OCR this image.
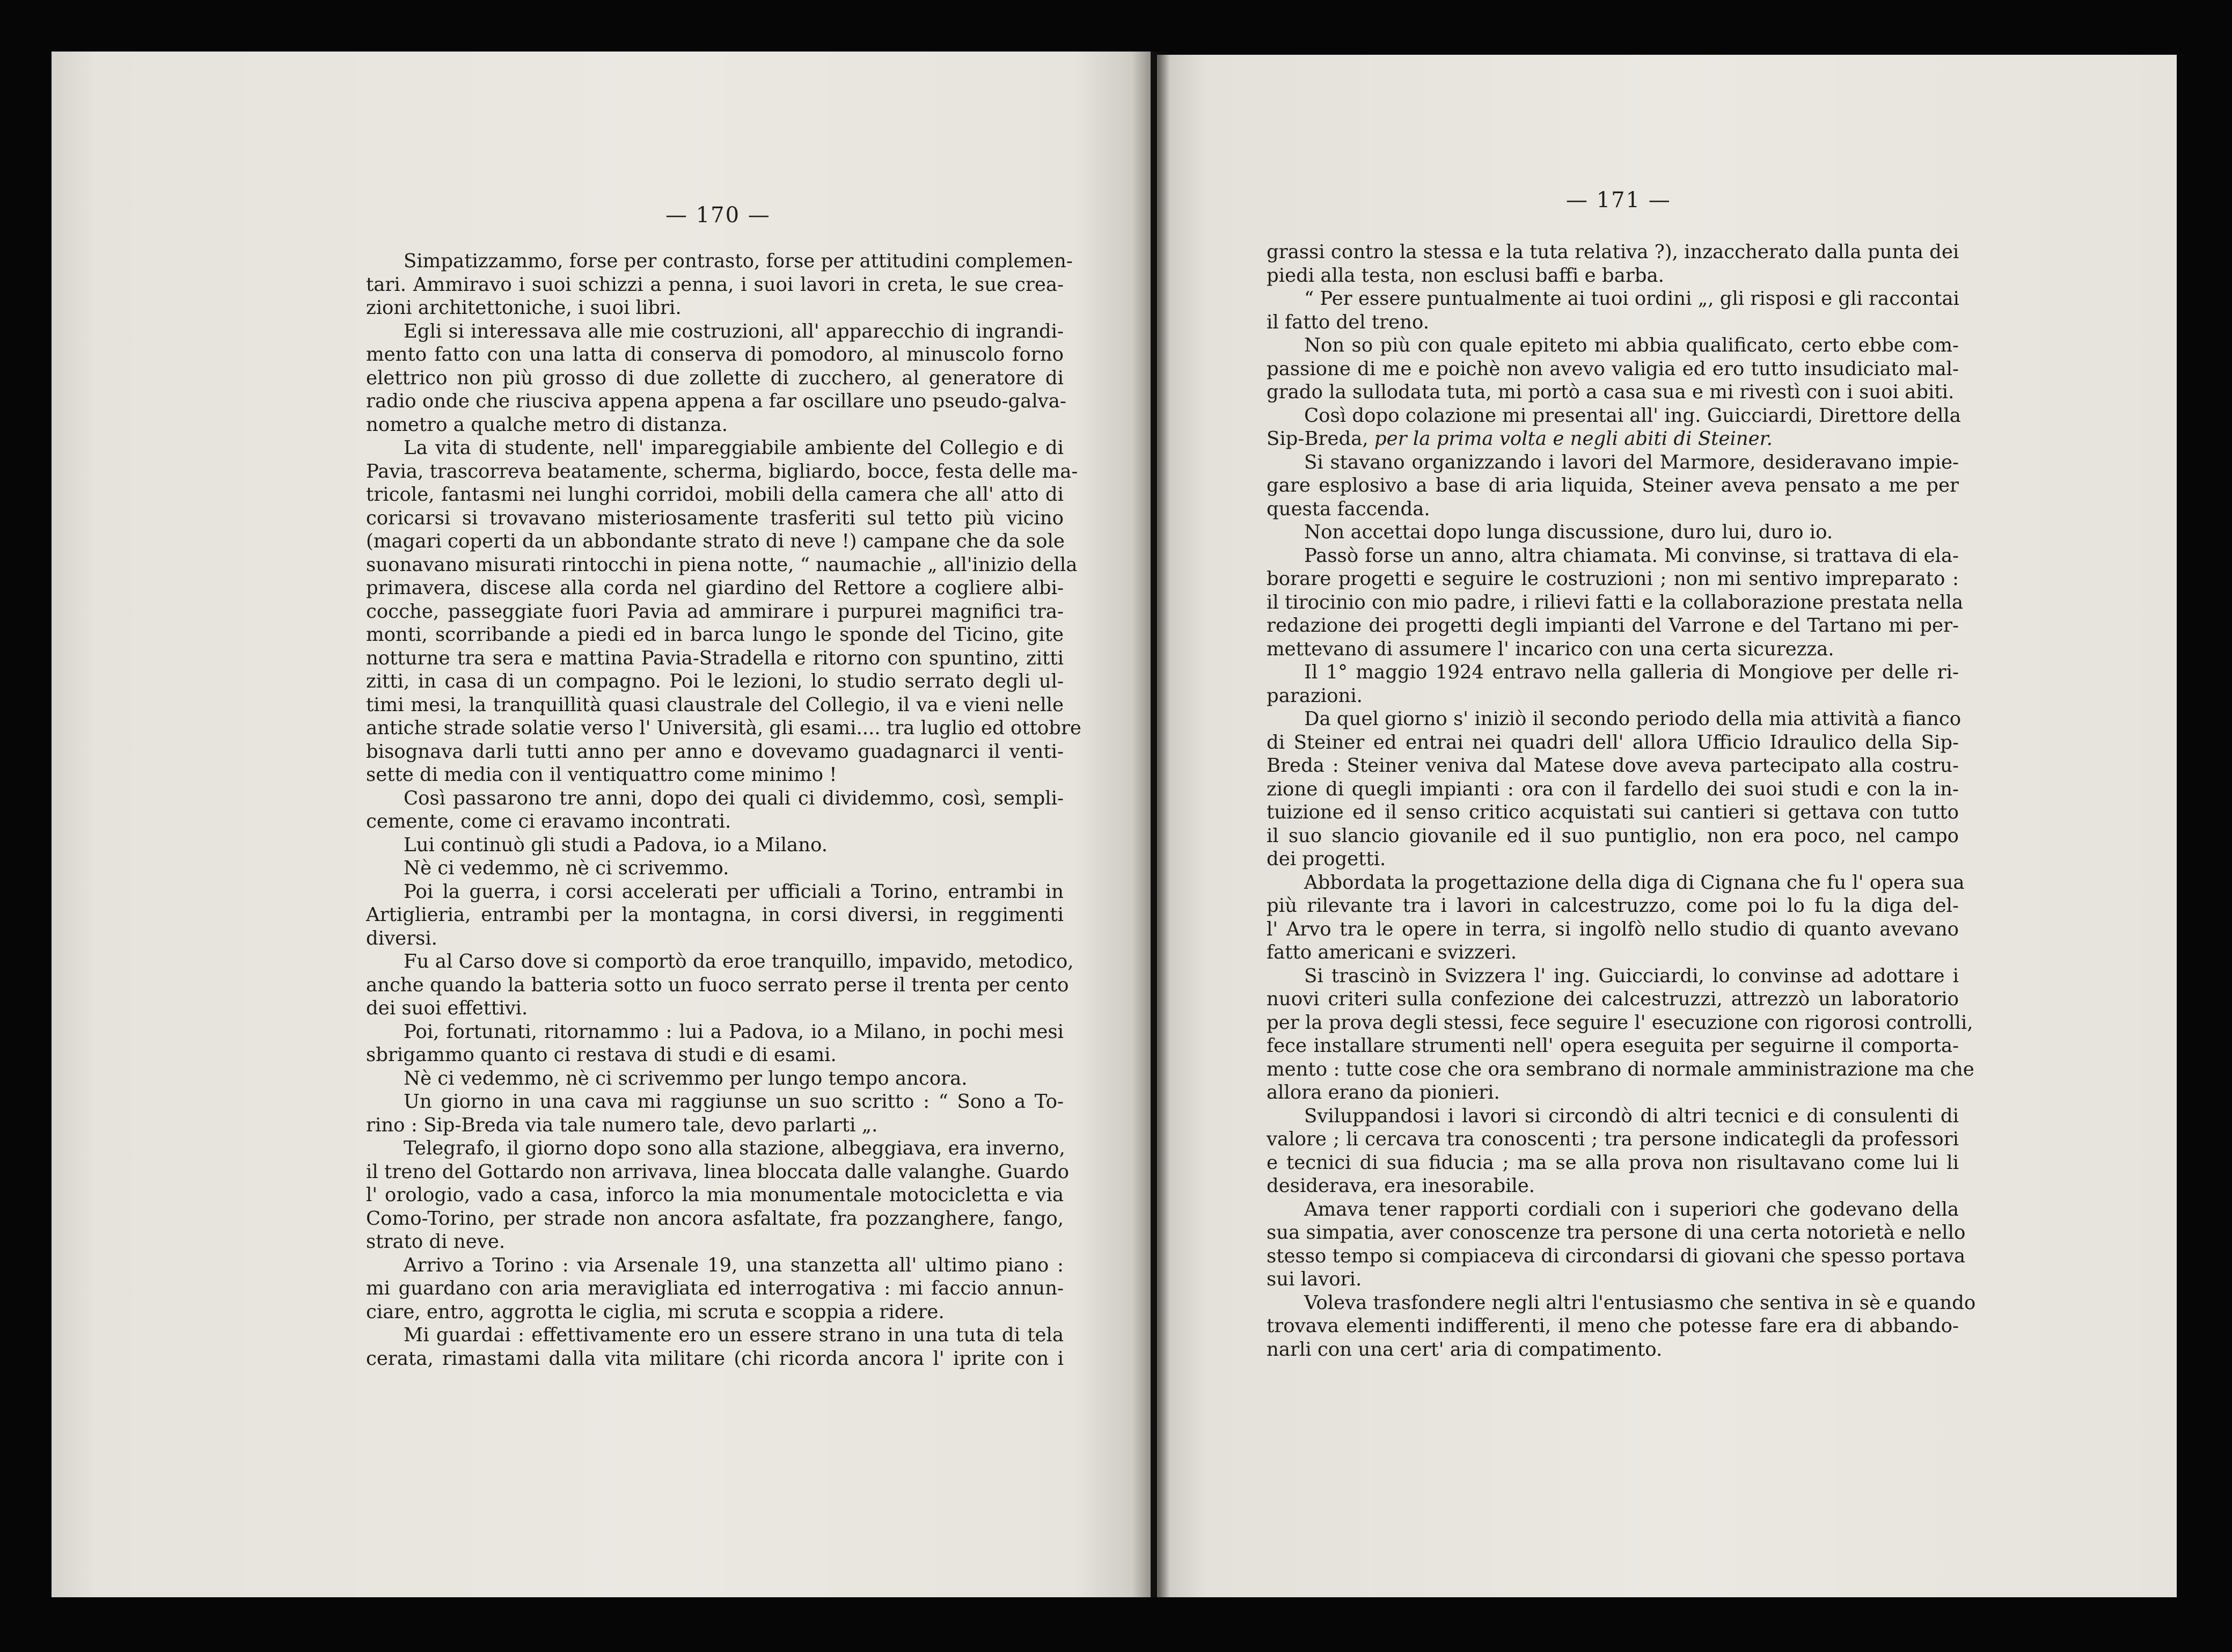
— 170 —
— 171 —
Simpatizzammo, forse per contrasto, forse per attitudini complemen-
tari. Ammiravo i suoi schizzi a penna, i suoi lavori in creta, le sue crea-
zioni architettoniche, i suoi libri.
Egli si interessava alle mie costruzioni, all' apparecchio di ingrandi-
mento fatto con una latta di conserva di pomodoro, al minuscolo forno
elettrico non più grosso di due zollette di zucchero, al generatore di
radio onde che riusciva appena appena a far oscillare uno pseudo-galva-
nometro a qualche metro di distanza.
La vita di studente, nell' impareggiabile ambiente del Collegio e di
Pavia, trascorreva beatamente, scherma, bigliardo, bocce, festa delle ma-
tricole, fantasmi nei lunghi corridoi, mobili della camera che all' atto di
coricarsi si trovavano misteriosamente trasferiti sul tetto più vicino
(magari coperti da un abbondante strato di neve !) campane che da sole
suonavano misurati rintocchi in piena notte, “ naumachie „ all'inizio della
primavera, discese alla corda nel giardino del Rettore a cogliere albi-
cocche, passeggiate fuori Pavia ad ammirare i purpurei magnifici tra-
monti, scorribande a piedi ed in barca lungo le sponde del Ticino, gite
notturne tra sera e mattina Pavia-Stradella e ritorno con spuntino, zitti
zitti, in casa di un compagno. Poi le lezioni, lo studio serrato degli ul-
timi mesi, la tranquillità quasi claustrale del Collegio, il va e vieni nelle
antiche strade solatie verso l' Università, gli esami.... tra luglio ed ottobre
bisognava darli tutti anno per anno e dovevamo guadagnarci il venti-
sette di media con il ventiquattro come minimo !
Così passarono tre anni, dopo dei quali ci dividemmo, così, sempli-
cemente, come ci eravamo incontrati.
Lui continuò gli studi a Padova, io a Milano.
Nè ci vedemmo, nè ci scrivemmo.
Poi la guerra, i corsi accelerati per ufficiali a Torino, entrambi in
Artiglieria, entrambi per la montagna, in corsi diversi, in reggimenti
diversi.
Fu al Carso dove si comportò da eroe tranquillo, impavido, metodico,
anche quando la batteria sotto un fuoco serrato perse il trenta per cento
dei suoi effettivi.
Poi, fortunati, ritornammo : lui a Padova, io a Milano, in pochi mesi
sbrigammo quanto ci restava di studi e di esami.
Nè ci vedemmo, nè ci scrivemmo per lungo tempo ancora.
Un giorno in una cava mi raggiunse un suo scritto : “ Sono a To-
rino : Sip-Breda via tale numero tale, devo parlarti „.
Telegrafo, il giorno dopo sono alla stazione, albeggiava, era inverno,
il treno del Gottardo non arrivava, linea bloccata dalle valanghe. Guardo
l' orologio, vado a casa, inforco la mia monumentale motocicletta e via
Como-Torino, per strade non ancora asfaltate, fra pozzanghere, fango,
strato di neve.
Arrivo a Torino : via Arsenale 19, una stanzetta all' ultimo piano :
mi guardano con aria meravigliata ed interrogativa : mi faccio annun-
ciare, entro, aggrotta le ciglia, mi scruta e scoppia a ridere.
Mi guardai : effettivamente ero un essere strano in una tuta di tela
cerata, rimastami dalla vita militare (chi ricorda ancora l' iprite con i
grassi contro la stessa e la tuta relativa ?), inzaccherato dalla punta dei
piedi alla testa, non esclusi baffi e barba.
“ Per essere puntualmente ai tuoi ordini „, gli risposi e gli raccontai
il fatto del treno.
Non so più con quale epiteto mi abbia qualificato, certo ebbe com-
passione di me e poichè non avevo valigia ed ero tutto insudiciato mal-
grado la sullodata tuta, mi portò a casa sua e mi rivestì con i suoi abiti.
Così dopo colazione mi presentai all' ing. Guicciardi, Direttore della
Sip-Breda, per la prima volta e negli abiti di Steiner.
Si stavano organizzando i lavori del Marmore, desideravano impie-
gare esplosivo a base di aria liquida, Steiner aveva pensato a me per
questa faccenda.
Non accettai dopo lunga discussione, duro lui, duro io.
Passò forse un anno, altra chiamata. Mi convinse, si trattava di ela-
borare progetti e seguire le costruzioni ; non mi sentivo impreparato :
il tirocinio con mio padre, i rilievi fatti e la collaborazione prestata nella
redazione dei progetti degli impianti del Varrone e del Tartano mi per-
mettevano di assumere l' incarico con una certa sicurezza.
Il 1° maggio 1924 entravo nella galleria di Mongiove per delle ri-
parazioni.
Da quel giorno s' iniziò il secondo periodo della mia attività a fianco
di Steiner ed entrai nei quadri dell' allora Ufficio Idraulico della Sip-
Breda : Steiner veniva dal Matese dove aveva partecipato alla costru-
zione di quegli impianti : ora con il fardello dei suoi studi e con la in-
tuizione ed il senso critico acquistati sui cantieri si gettava con tutto
il suo slancio giovanile ed il suo puntiglio, non era poco, nel campo
dei progetti.
Abbordata la progettazione della diga di Cignana che fu l' opera sua
più rilevante tra i lavori in calcestruzzo, come poi lo fu la diga del-
l' Arvo tra le opere in terra, si ingolfò nello studio di quanto avevano
fatto americani e svizzeri.
Si trascinò in Svizzera l' ing. Guicciardi, lo convinse ad adottare i
nuovi criteri sulla confezione dei calcestruzzi, attrezzò un laboratorio
per la prova degli stessi, fece seguire l' esecuzione con rigorosi controlli,
fece installare strumenti nell' opera eseguita per seguirne il comporta-
mento : tutte cose che ora sembrano di normale amministrazione ma che
allora erano da pionieri.
Sviluppandosi i lavori si circondò di altri tecnici e di consulenti di
valore ; li cercava tra conoscenti ; tra persone indicategli da professori
e tecnici di sua fiducia ; ma se alla prova non risultavano come lui li
desiderava, era inesorabile.
Amava tener rapporti cordiali con i superiori che godevano della
sua simpatia, aver conoscenze tra persone di una certa notorietà e nello
stesso tempo si compiaceva di circondarsi di giovani che spesso portava
sui lavori.
Voleva trasfondere negli altri l'entusiasmo che sentiva in sè e quando
trovava elementi indifferenti, il meno che potesse fare era di abbando-
narli con una cert' aria di compatimento.
